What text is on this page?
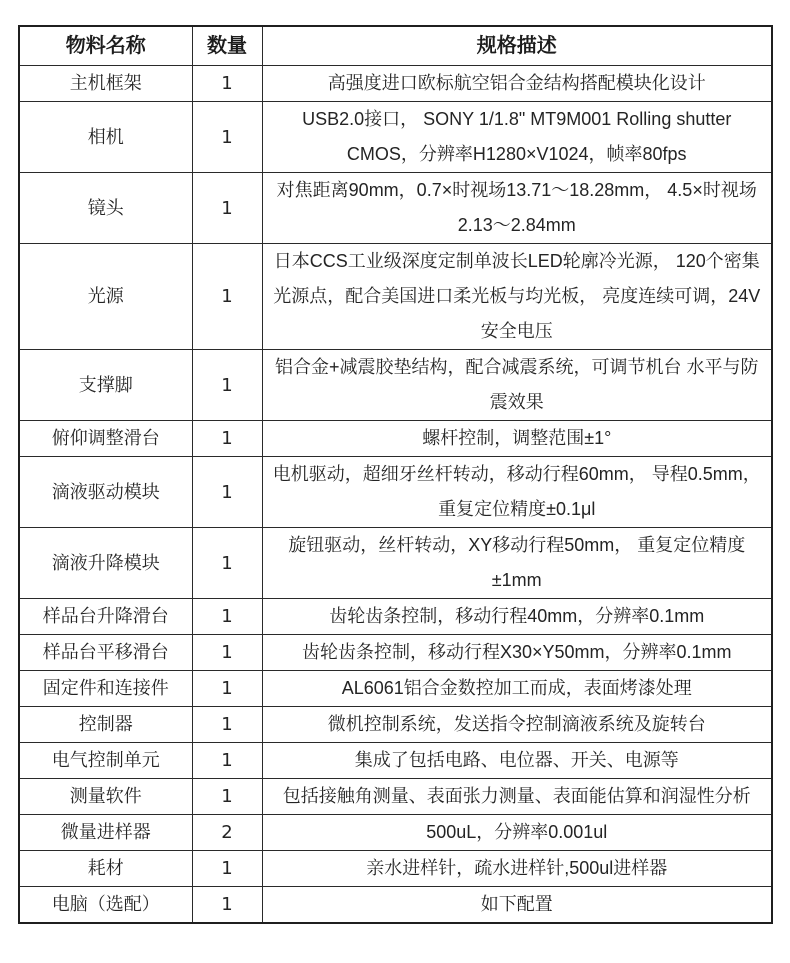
物料名称	数量	规格描述
主机框架	1	高强度进口欧标航空铝合金结构搭配模块化设计
相机	1	USB2.0接口， SONY 1/1.8" MT9M001 Rolling shutter CMOS，分辨率H1280×V1024，帧率80fps
镜头	1	对焦距离90mm，0.7×时视场13.71～18.28mm， 4.5×时视场2.13～2.84mm
光源	1	日本CCS工业级深度定制单波长LED轮廓冷光源， 120个密集光源点，配合美国进口柔光板与均光板， 亮度连续可调，24V安全电压
支撑脚	1	铝合金+减震胶垫结构，配合减震系统，可调节机台 水平与防震效果
俯仰调整滑台	1	螺杆控制，调整范围±1°
滴液驱动模块	1	电机驱动，超细牙丝杆转动，移动行程60mm， 导程0.5mm，重复定位精度±0.1μl
滴液升降模块	1	旋钮驱动，丝杆转动，XY移动行程50mm， 重复定位精度±1mm
样品台升降滑台	1	齿轮齿条控制，移动行程40mm，分辨率0.1mm
样品台平移滑台	1	齿轮齿条控制，移动行程X30×Y50mm，分辨率0.1mm
固定件和连接件	1	AL6061铝合金数控加工而成，表面烤漆处理
控制器	1	微机控制系统，发送指令控制滴液系统及旋转台
电气控制单元	1	集成了包括电路、电位器、开关、电源等
测量软件	1	包括接触角测量、表面张力测量、表面能估算和润湿性分析
微量进样器	2	500uL，分辨率0.001ul
耗材	1	亲水进样针，疏水进样针,500ul进样器
电脑（选配）	1	如下配置
